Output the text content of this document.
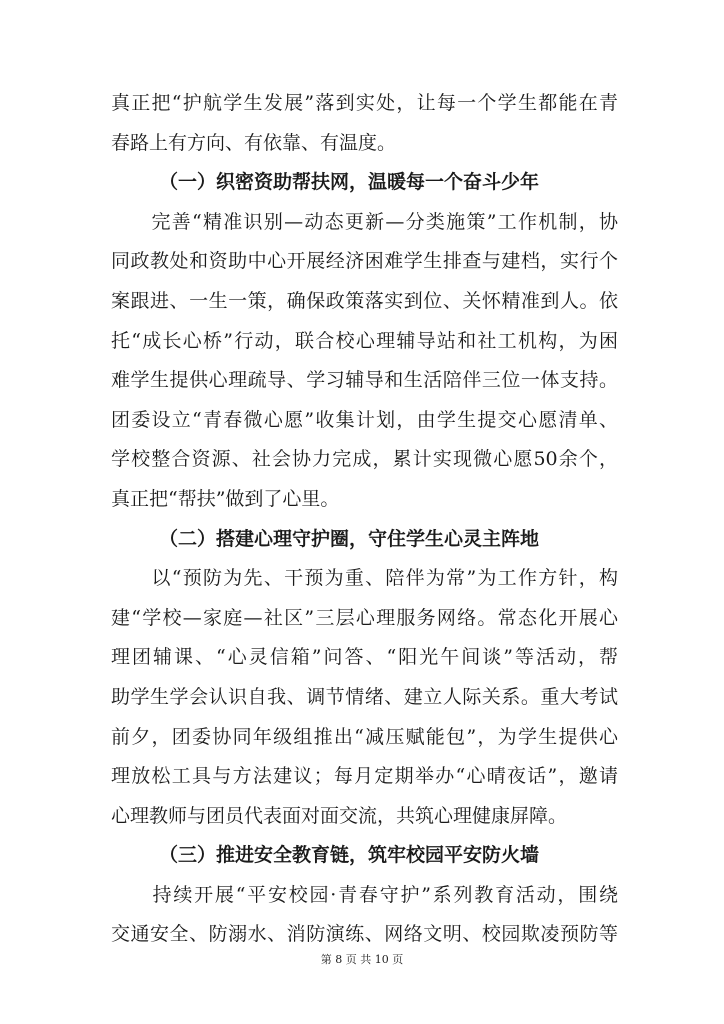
真正把“护航学生发展”落到实处，让每一个学生都能在青
春路上有方向、有依靠、有温度。
（一）织密资助帮扶网，温暖每一个奋斗少年
　　完善“精准识别—动态更新—分类施策”工作机制，协
同政教处和资助中心开展经济困难学生排查与建档，实行个
案跟进、一生一策，确保政策落实到位、关怀精准到人。依
托“成长心桥”行动，联合校心理辅导站和社工机构，为困
难学生提供心理疏导、学习辅导和生活陪伴三位一体支持。
团委设立“青春微心愿”收集计划，由学生提交心愿清单、
学校整合资源、社会协力完成，累计实现微心愿50余个，
真正把“帮扶”做到了心里。
（二）搭建心理守护圈，守住学生心灵主阵地
　　以“预防为先、干预为重、陪伴为常”为工作方针，构
建“学校—家庭—社区”三层心理服务网络。常态化开展心
理团辅课、“心灵信箱”问答、“阳光午间谈”等活动，帮
助学生学会认识自我、调节情绪、建立人际关系。重大考试
前夕，团委协同年级组推出“减压赋能包”，为学生提供心
理放松工具与方法建议；每月定期举办“心晴夜话”，邀请
心理教师与团员代表面对面交流，共筑心理健康屏障。
（三）推进安全教育链，筑牢校园平安防火墙
　　持续开展“平安校园·青春守护”系列教育活动，围绕
交通安全、防溺水、消防演练、网络文明、校园欺凌预防等
第 8 页 共 10 页
